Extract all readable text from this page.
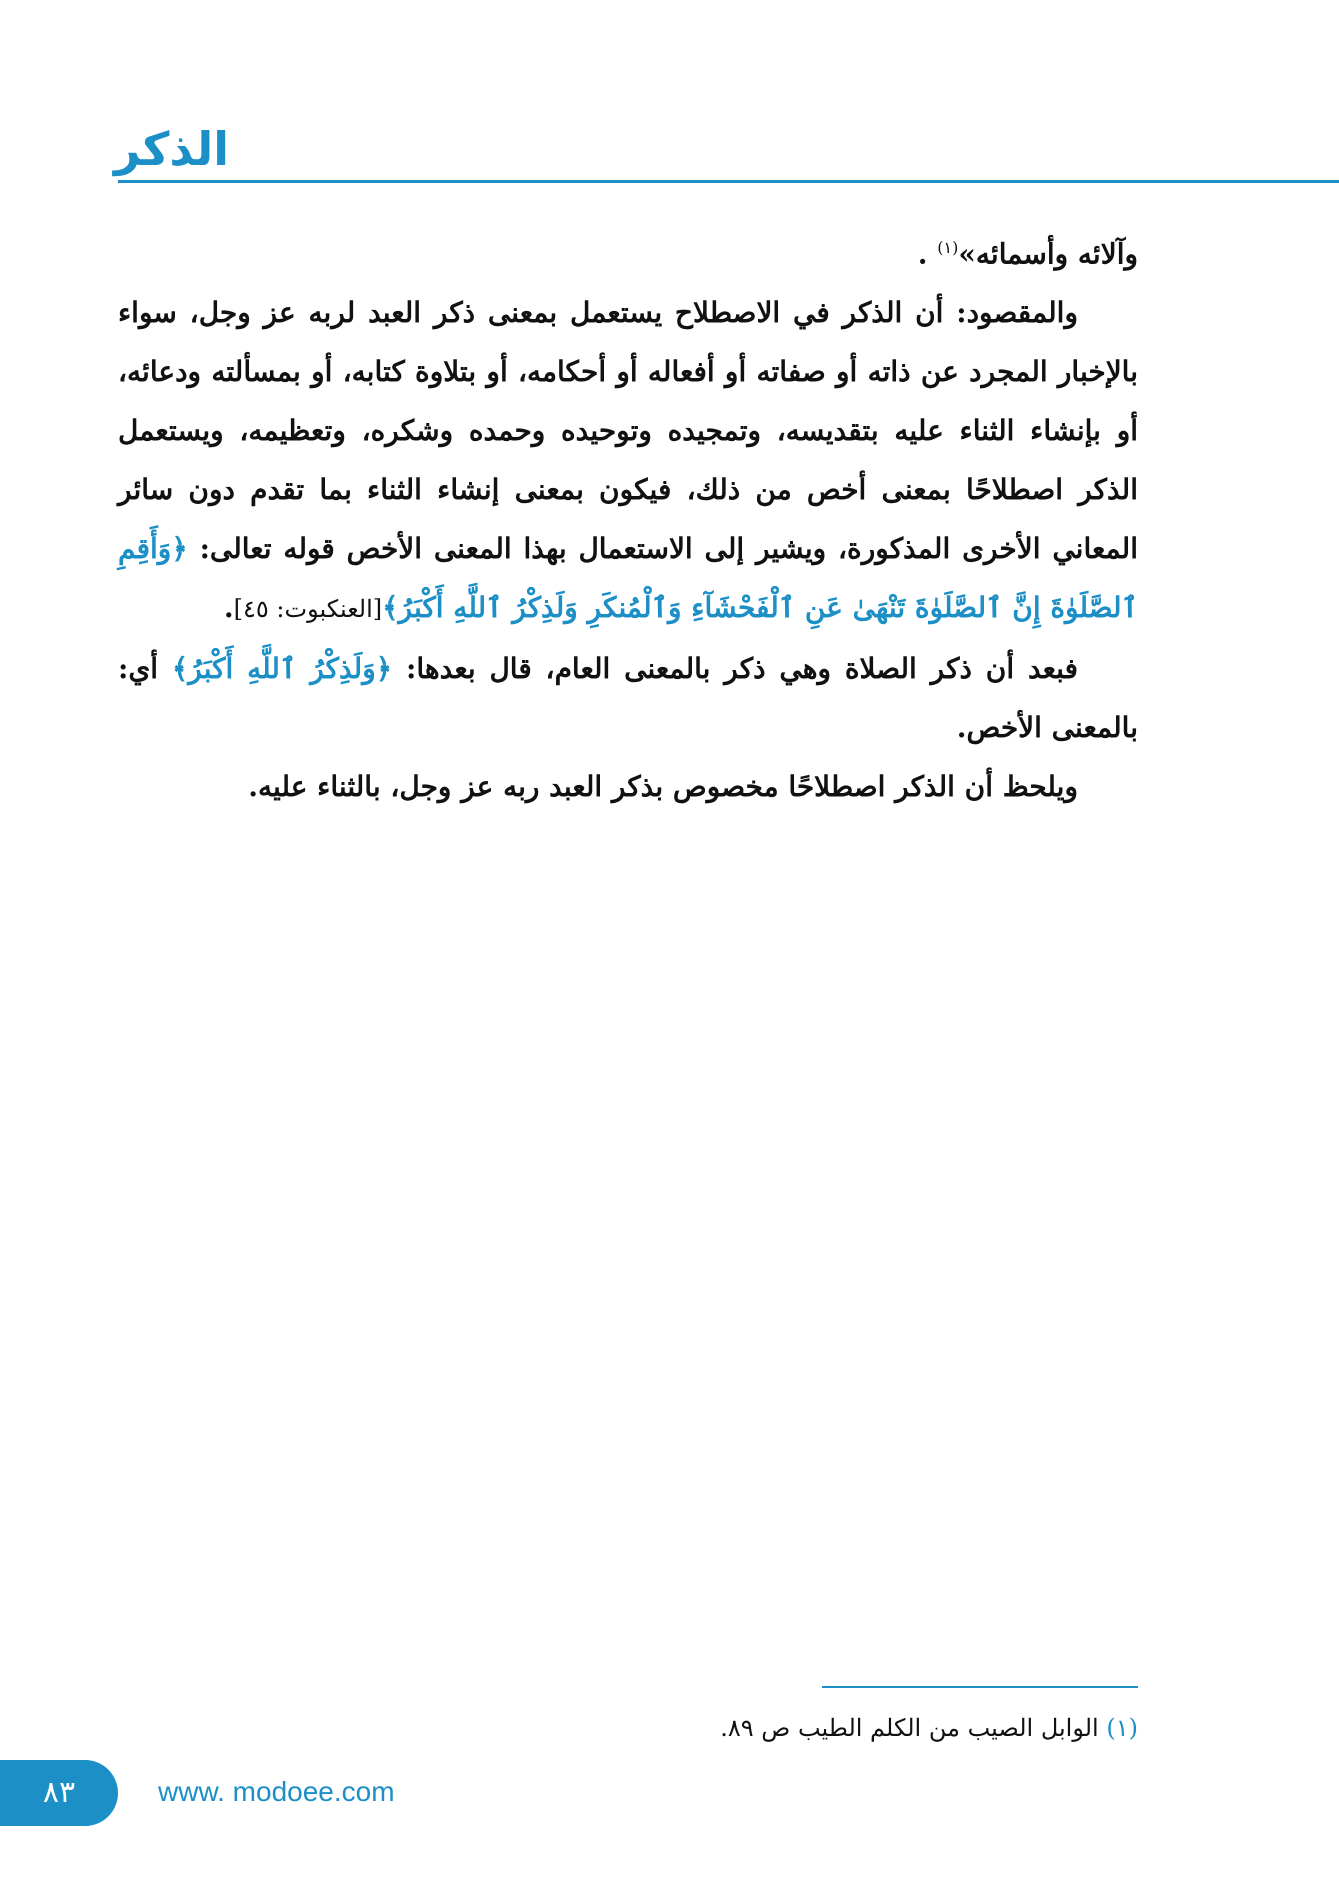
الذكر

وآلائه وأسمائه»$^{(١)}$ .

والمقصود: أن الذكر في الاصطلاح يستعمل بمعنى ذكر العبد لربه عز وجل، سواء بالإخبار المجرد عن ذاته أو صفاته أو أفعاله أو أحكامه، أو بتلاوة كتابه، أو بمسألته ودعائه، أو بإنشاء الثناء عليه بتقديسه، وتمجيده وتوحيده وحمده وشكره، وتعظيمه، ويستعمل الذكر اصطلاحًا بمعنى أخص من ذلك، فيكون بمعنى إنشاء الثناء بما تقدم دون سائر المعاني الأخرى المذكورة، ويشير إلى الاستعمال بهذا المعنى الأخص قوله تعالى: ﴿وَأَقِمِ ٱلصَّلَوٰةَ إِنَّ ٱلصَّلَوٰةَ تَنْهَىٰ عَنِ ٱلْفَحْشَآءِ وَٱلْمُنكَرِ وَلَذِكْرُ ٱللَّهِ أَكْبَرُ﴾[العنكبوت: ٤٥].

فبعد أن ذكر الصلاة وهي ذكر بالمعنى العام، قال بعدها: ﴿وَلَذِكْرُ ٱللَّهِ أَكْبَرُ﴾ أي: بالمعنى الأخص.

ويلحظ أن الذكر اصطلاحًا مخصوص بذكر العبد ربه عز وجل، بالثناء عليه.

(١) الوابل الصيب من الكلم الطيب ص ٨٩.
٨٣	www. modoee.com
